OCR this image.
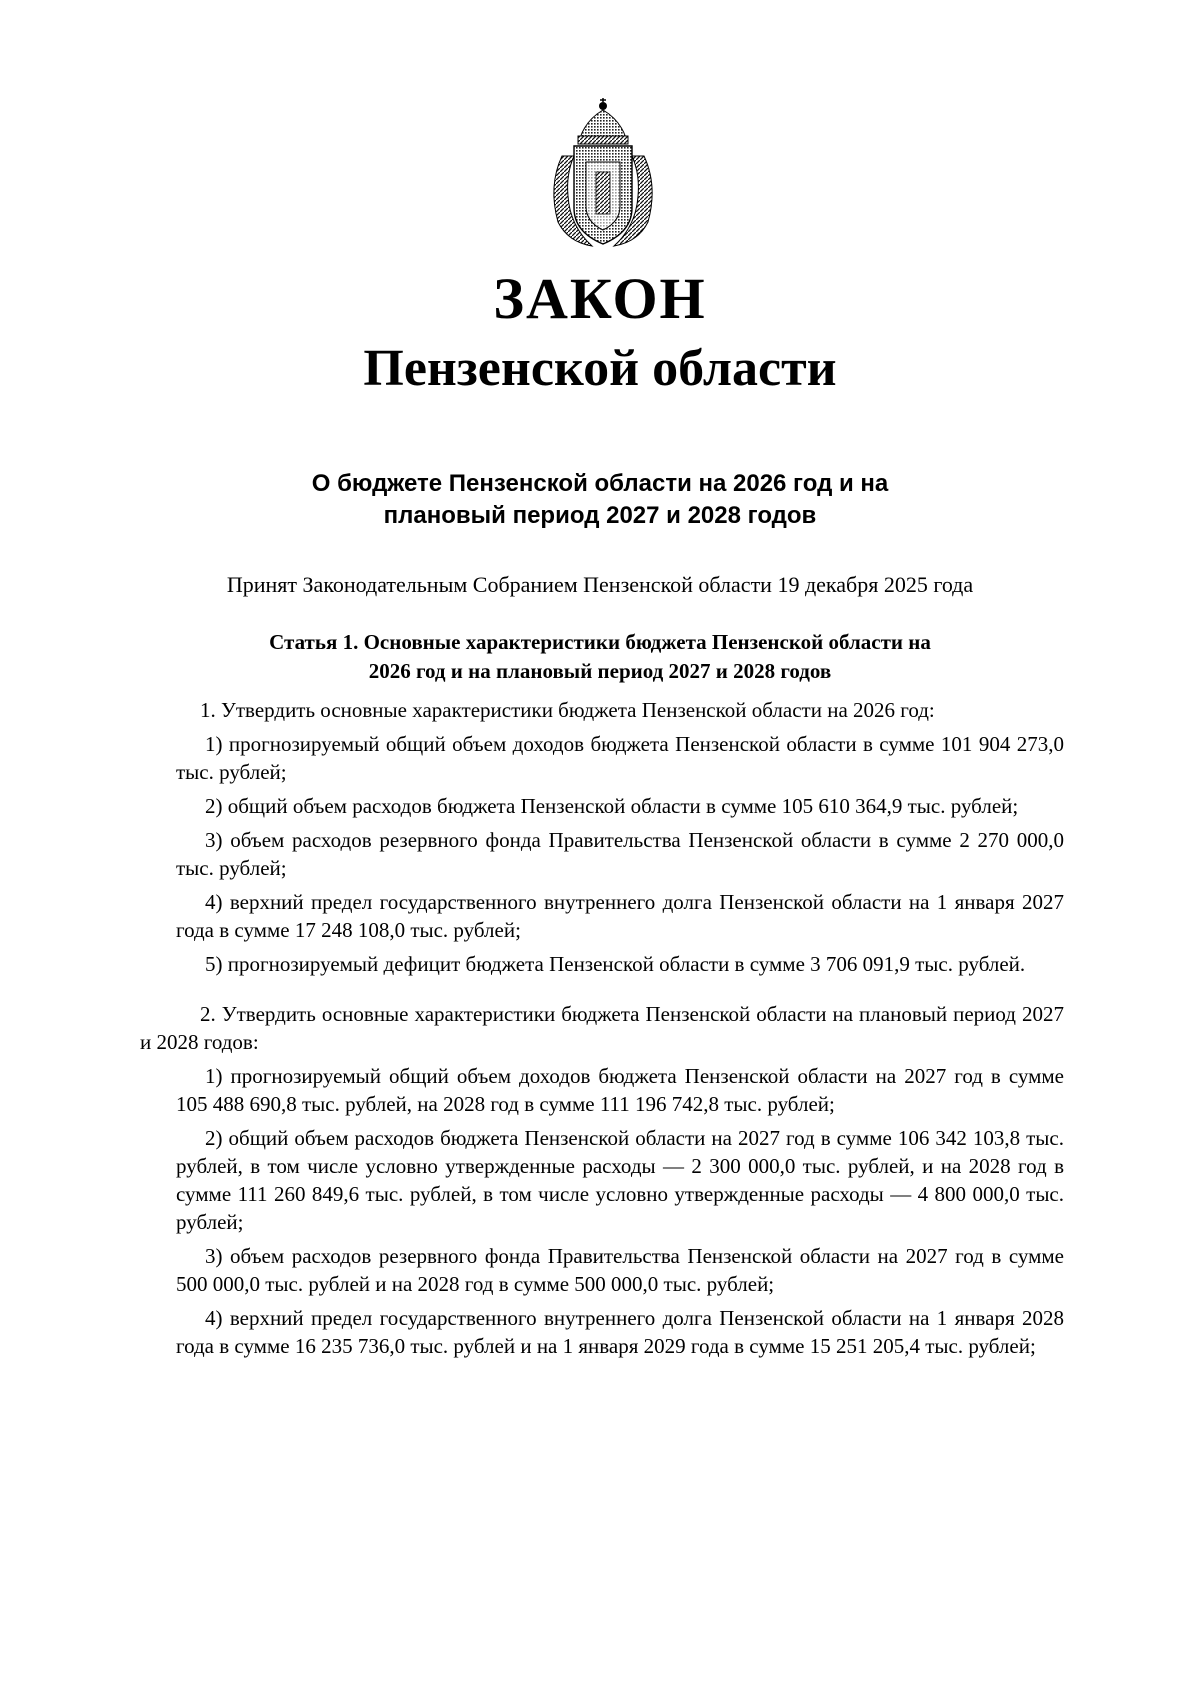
ЗАКОН
Пензенской области
О бюджете Пензенской области на 2026 год и на
плановый период 2027 и 2028 годов
Принят Законодательным Собранием Пензенской области 19 декабря 2025 года
Статья 1. Основные характеристики бюджета Пензенской области на
2026 год и на плановый период 2027 и 2028 годов

1. Утвердить основные характеристики бюджета Пензенской области на 2026 год:

1) прогнозируемый общий объем доходов бюджета Пензенской области в сумме 101 904 273,0 тыс. рублей;

2) общий объем расходов бюджета Пензенской области в сумме 105 610 364,9 тыс. рублей;

3) объем расходов резервного фонда Правительства Пензенской области в сумме 2 270 000,0 тыс. рублей;

4) верхний предел государственного внутреннего долга Пензенской области на 1 января 2027 года в сумме 17 248 108,0 тыс. рублей;

5) прогнозируемый дефицит бюджета Пензенской области в сумме 3 706 091,9 тыс. рублей.

2. Утвердить основные характеристики бюджета Пензенской области на плановый период 2027 и 2028 годов:

1) прогнозируемый общий объем доходов бюджета Пензенской области на 2027 год в сумме 105 488 690,8 тыс. рублей, на 2028 год в сумме 111 196 742,8 тыс. рублей;

2) общий объем расходов бюджета Пензенской области на 2027 год в сумме 106 342 103,8 тыс. рублей, в том числе условно утвержденные расходы — 2 300 000,0 тыс. рублей, и на 2028 год в сумме 111 260 849,6 тыс. рублей, в том числе условно утвержденные расходы — 4 800 000,0 тыс. рублей;

3) объем расходов резервного фонда Правительства Пензенской области на 2027 год в сумме 500 000,0 тыс. рублей и на 2028 год в сумме 500 000,0 тыс. рублей;

4) верхний предел государственного внутреннего долга Пензенской области на 1 января 2028 года в сумме 16 235 736,0 тыс. рублей и на 1 января 2029 года в сумме 15 251 205,4 тыс. рублей;
